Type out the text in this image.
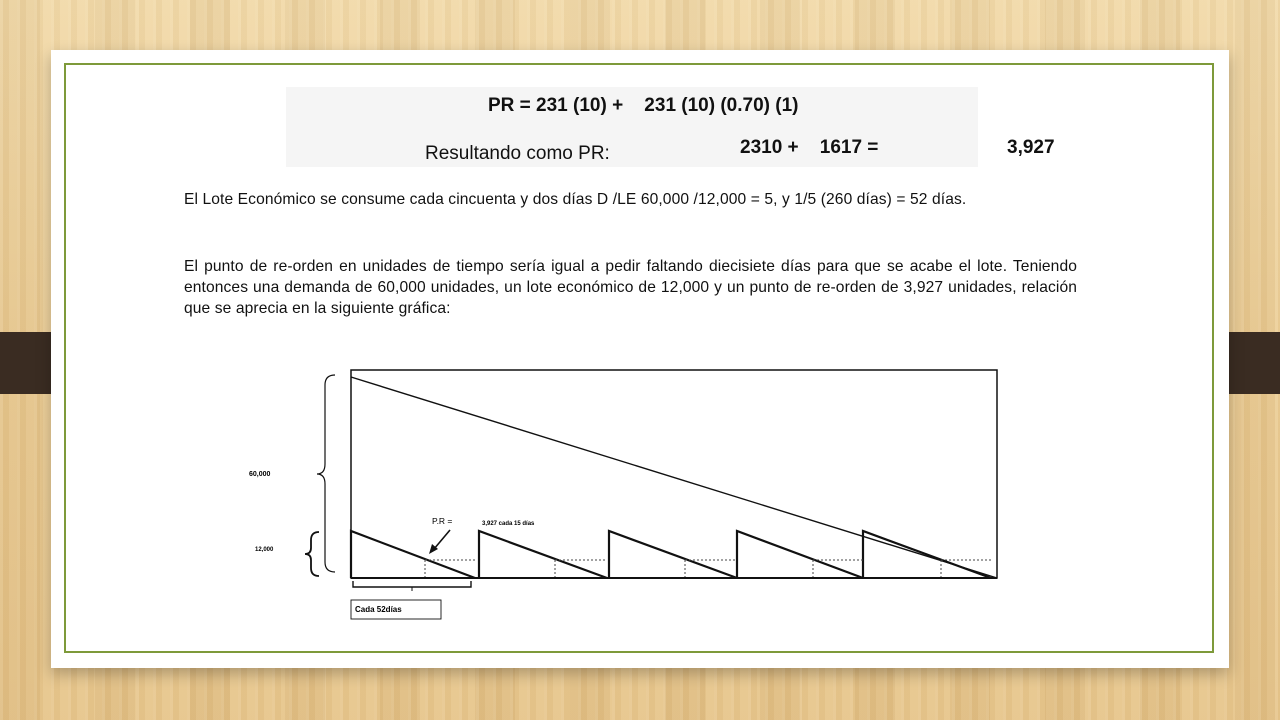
PR = 231 (10) +    231 (10) (0.70) (1)
Resultando como PR:	2310 +    1617 =	3,927
El Lote Económico se consume cada cincuenta y dos días D /LE 60,000 /12,000 = 5, y 1/5 (260 días) = 52 días.
El punto de re-orden en unidades de tiempo sería igual a pedir faltando diecisiete días para que se acabe el lote. Teniendo entonces una demanda de 60,000 unidades, un lote económico de 12,000 y un punto de re-orden de 3,927 unidades, relación que se aprecia en la siguiente gráfica:
60,000
12,000
P.R =	3,927 cada 15 días
Cada 52días
